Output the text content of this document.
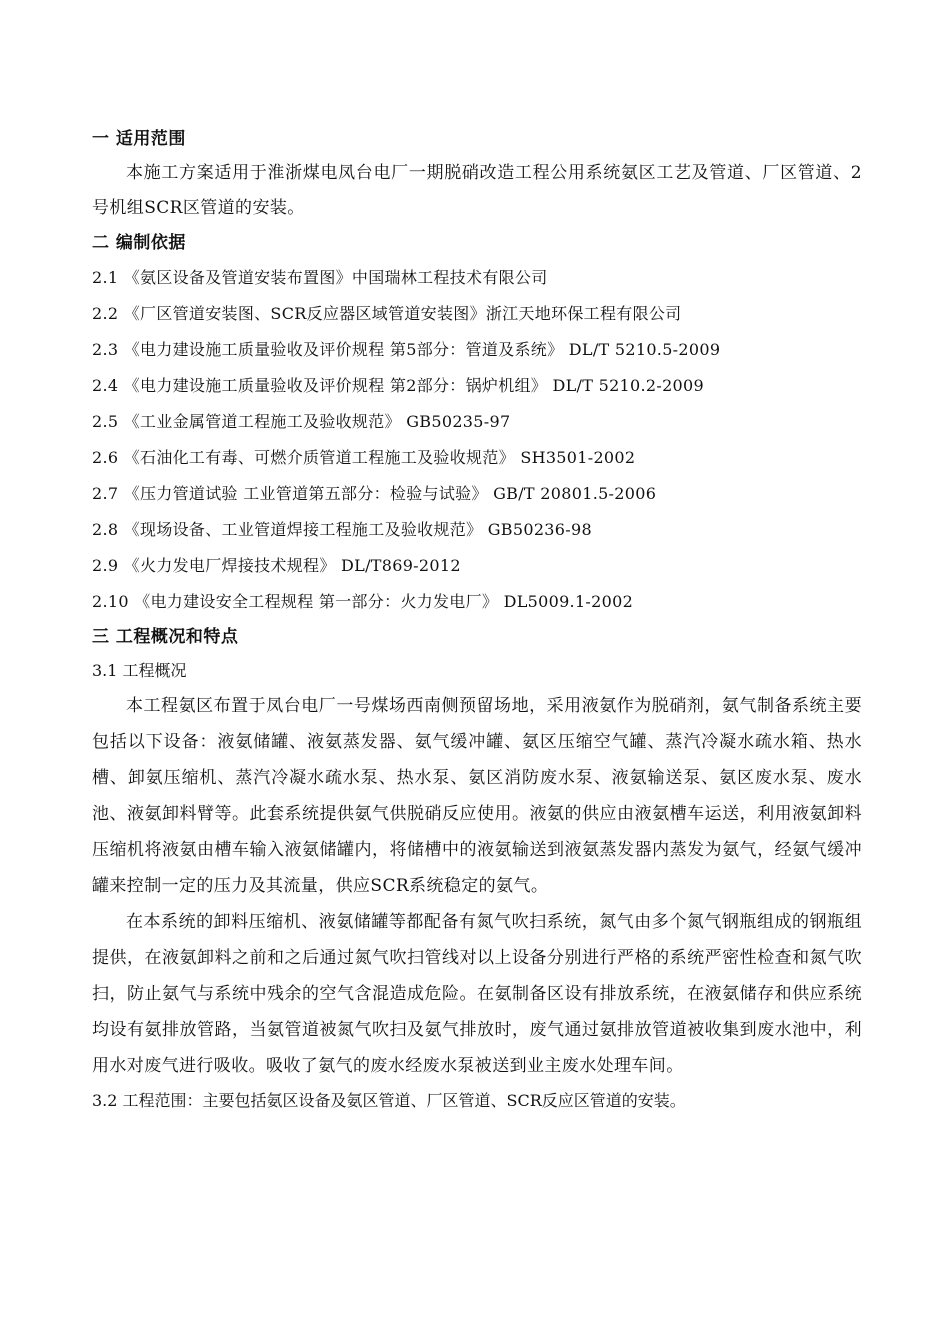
一 适用范围
本施工方案适用于淮浙煤电凤台电厂一期脱硝改造工程公用系统氨区工艺及管道、厂区管道、2号机组SCR区管道的安装。
二 编制依据
2.1 《氨区设备及管道安装布置图》中国瑞林工程技术有限公司
2.2 《厂区管道安装图、SCR反应器区域管道安装图》浙江天地环保工程有限公司
2.3 《电力建设施工质量验收及评价规程 第5部分：管道及系统》 DL/T 5210.5-2009
2.4 《电力建设施工质量验收及评价规程 第2部分：锅炉机组》 DL/T 5210.2-2009
2.5 《工业金属管道工程施工及验收规范》 GB50235-97
2.6 《石油化工有毒、可燃介质管道工程施工及验收规范》 SH3501-2002
2.7 《压力管道试验 工业管道第五部分：检验与试验》 GB/T 20801.5-2006
2.8 《现场设备、工业管道焊接工程施工及验收规范》 GB50236-98
2.9 《火力发电厂焊接技术规程》 DL/T869-2012
2.10 《电力建设安全工程规程 第一部分：火力发电厂》 DL5009.1-2002
三 工程概况和特点
3.1 工程概况
本工程氨区布置于凤台电厂一号煤场西南侧预留场地，采用液氨作为脱硝剂，氨气制备系统主要包括以下设备：液氨储罐、液氨蒸发器、氨气缓冲罐、氨区压缩空气罐、蒸汽冷凝水疏水箱、热水槽、卸氨压缩机、蒸汽冷凝水疏水泵、热水泵、氨区消防废水泵、液氨输送泵、氨区废水泵、废水池、液氨卸料臂等。此套系统提供氨气供脱硝反应使用。液氨的供应由液氨槽车运送，利用液氨卸料压缩机将液氨由槽车输入液氨储罐内，将储槽中的液氨输送到液氨蒸发器内蒸发为氨气，经氨气缓冲罐来控制一定的压力及其流量，供应SCR系统稳定的氨气。
在本系统的卸料压缩机、液氨储罐等都配备有氮气吹扫系统，氮气由多个氮气钢瓶组成的钢瓶组提供，在液氨卸料之前和之后通过氮气吹扫管线对以上设备分别进行严格的系统严密性检查和氮气吹扫，防止氨气与系统中残余的空气含混造成危险。在氨制备区设有排放系统，在液氨储存和供应系统均设有氨排放管路，当氨管道被氮气吹扫及氨气排放时，废气通过氨排放管道被收集到废水池中，利用水对废气进行吸收。吸收了氨气的废水经废水泵被送到业主废水处理车间。
3.2 工程范围：主要包括氨区设备及氨区管道、厂区管道、SCR反应区管道的安装。
